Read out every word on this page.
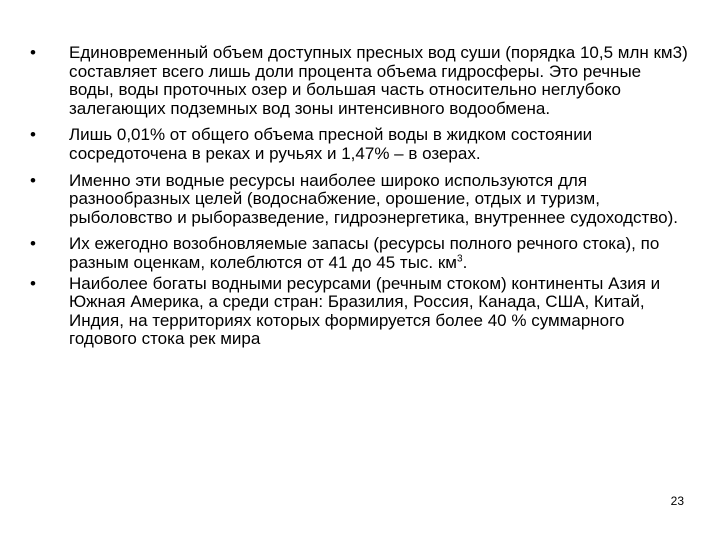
• Единовременный объем доступных пресных вод суши (порядка 10,5 млн км3) составляет всего лишь доли процента объема гидросферы. Это речные воды, воды проточных озер и большая часть относительно неглубоко залегающих подземных вод зоны интенсивного водообмена.
• Лишь 0,01% от общего объема пресной воды в жидком состоянии сосредоточена в реках и ручьях и 1,47% – в озерах.
• Именно эти водные ресурсы наиболее широко используются для разнообразных целей (водоснабжение, орошение, отдых и туризм, рыболовство и рыборазведение, гидроэнергетика, внутреннее судоходство).
• Их ежегодно возобновляемые запасы (ресурсы полного речного стока), по разным оценкам, колеблются от 41 до 45 тыс. $км^3$.
• Наиболее богаты водными ресурсами (речным стоком) континенты Азия и Южная Америка, а среди стран: Бразилия, Россия, Канада, США, Китай, Индия, на территориях которых формируется более 40 % суммарного годового стока рек мира
23
